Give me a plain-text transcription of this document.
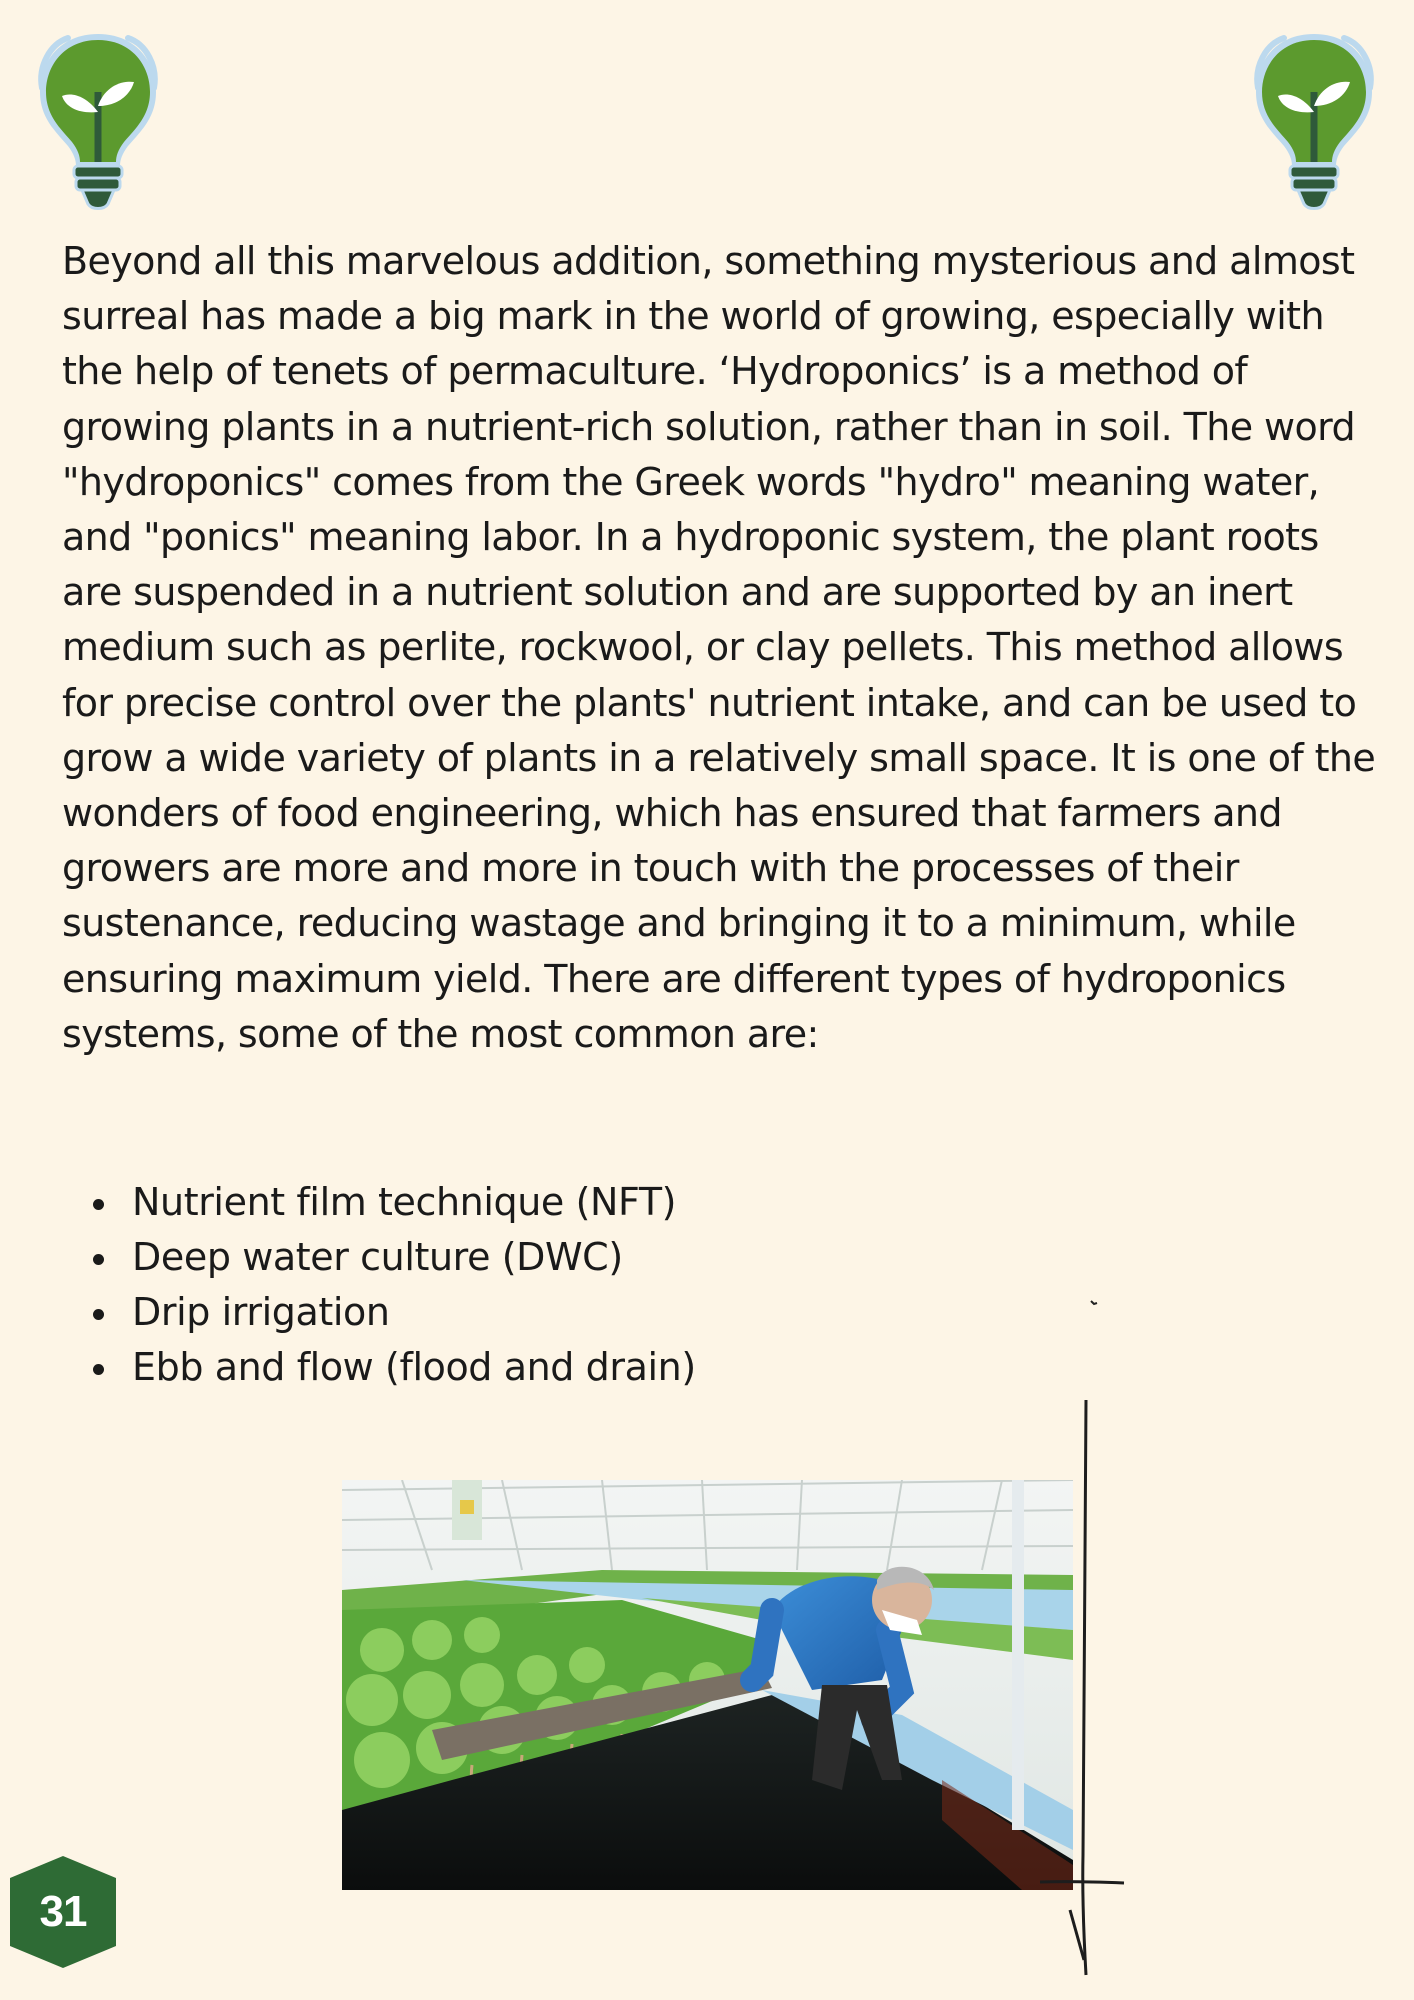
Beyond all this marvelous addition, something mysterious and almost surreal has made a big mark in the world of growing, especially with the help of tenets of permaculture. ‘Hydroponics’ is a method of growing plants in a nutrient-rich solution, rather than in soil. The word "hydroponics" comes from the Greek words "hydro" meaning water, and "ponics" meaning labor. In a hydroponic system, the plant roots are suspended in a nutrient solution and are supported by an inert medium such as perlite, rockwool, or clay pellets. This method allows for precise control over the plants' nutrient intake, and can be used to grow a wide variety of plants in a relatively small space. It is one of the wonders of food engineering, which has ensured that farmers and growers are more and more in touch with the processes of their sustenance, reducing wastage and bringing it to a minimum, while ensuring maximum yield. There are different types of hydroponics systems, some of the most common are:

Nutrient film technique (NFT)
Deep water culture (DWC)
Drip irrigation
Ebb and flow (flood and drain)
31
